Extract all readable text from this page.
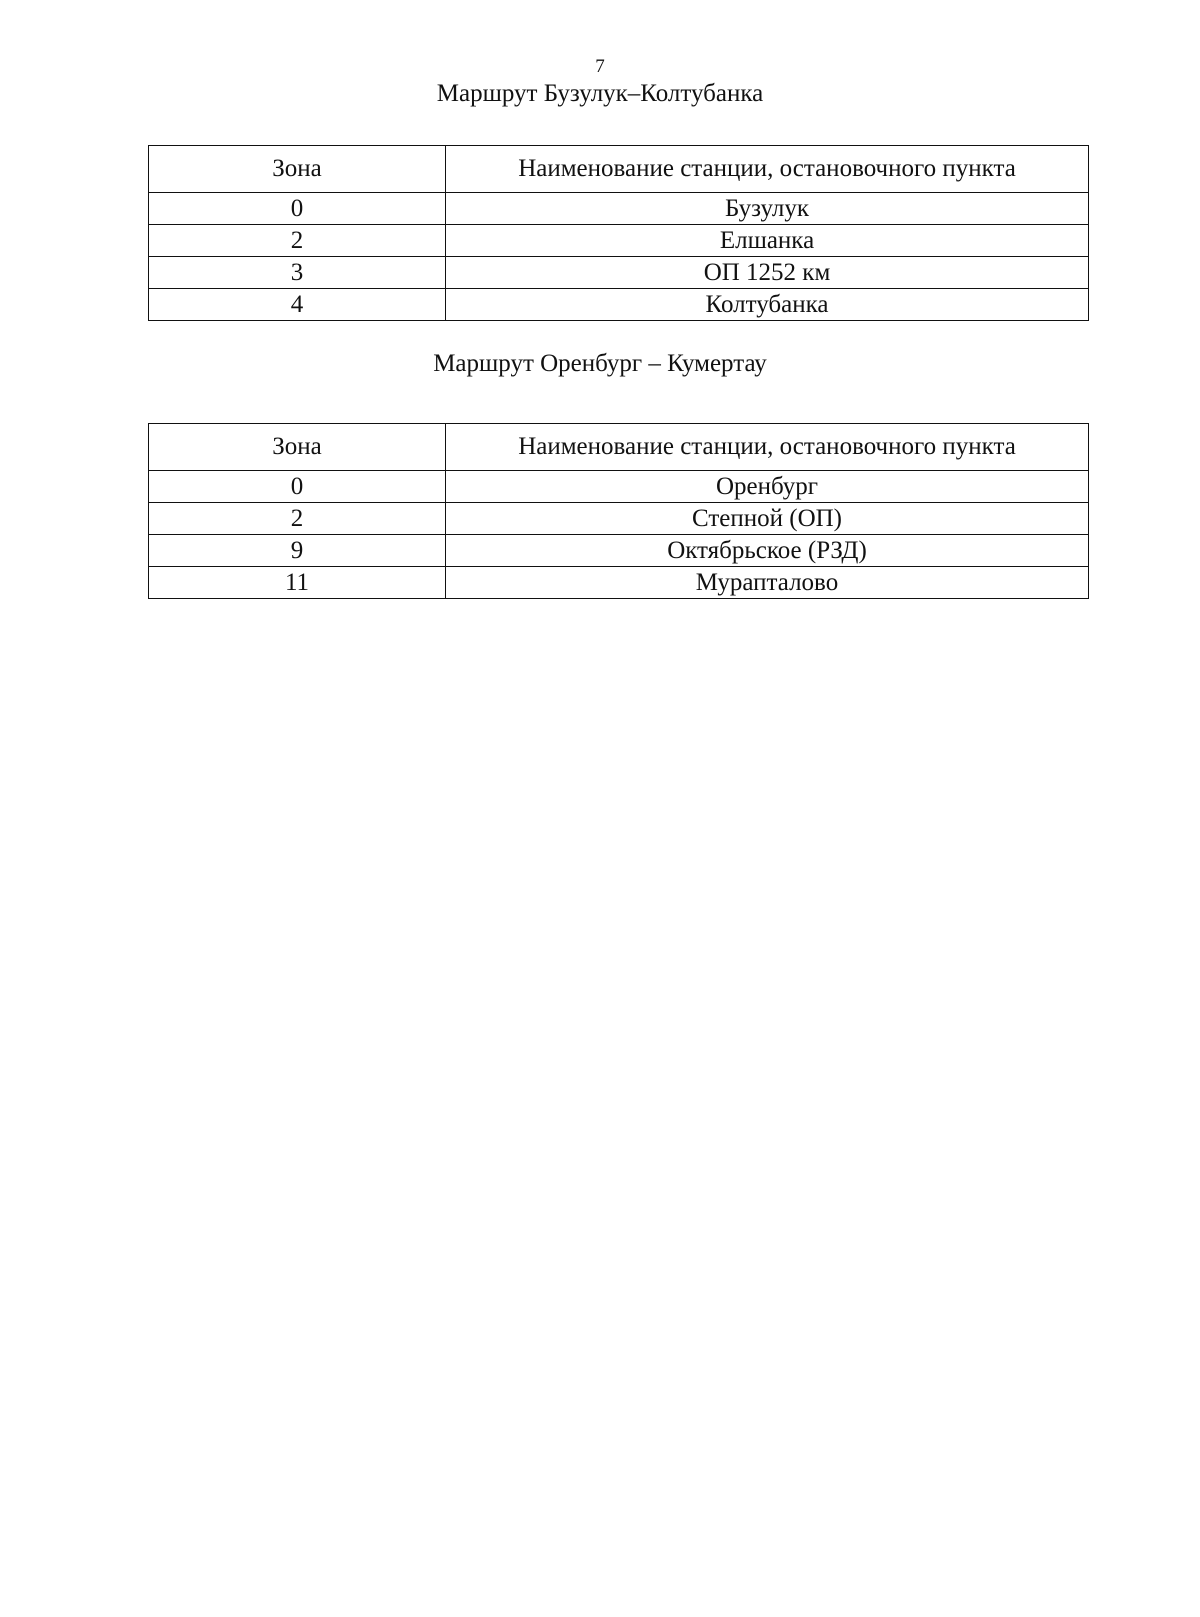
7
Маршрут Бузулук–Колтубанка
Зона	Наименование станции, остановочного пункта
0	Бузулук
2	Елшанка
3	ОП 1252 км
4	Колтубанка
Маршрут Оренбург – Кумертау
Зона	Наименование станции, остановочного пункта
0	Оренбург
2	Степной (ОП)
9	Октябрьское (РЗД)
11	Мурапталово
